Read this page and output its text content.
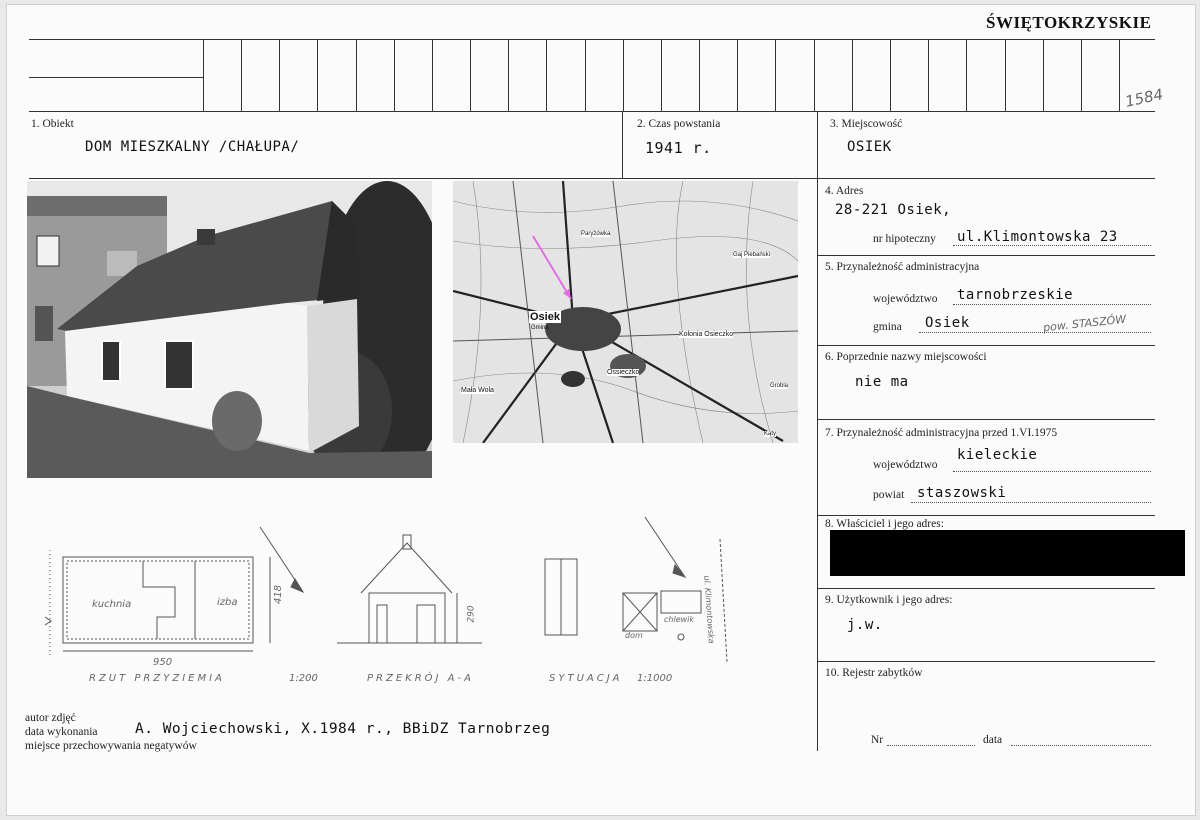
ŚWIĘTOKRZYSKIE
1584
1. Obiekt
DOM MIESZKALNY /CHAŁUPA/
2. Czas powstania
1941 r.
3. Miejscowość
OSIEK
Osiek
Gmina
Ossieczko
Kolonia Osieczko
Mała Wola
Grobla
Kąty
Gaj Piebański
Paryżówka
kuchnia	izba
950
418
RZUT PRZYZIEMIA	1:200
290
PRZEKRÓJ A-A
dom
chlewik ul. Klimontowska
SYTUACJA 1:1000
4. Adres
28-221 Osiek,
nr hipoteczny ul.Klimontowska 23
5. Przynależność administracyjna
województwo tarnobrzeskie
gmina Osiek	pow. STASZÓW
6. Poprzednie nazwy miejscowości
nie ma
7. Przynależność administracyjna przed 1.VI.1975
województwo
kieleckie
powiat staszowski
8. Właściciel i jego adres:
9. Użytkownik i jego adres:
j.w.
10. Rejestr zabytków
Nr	data
autor zdjęć
data wykonania
miejsce przechowywania negatywów
A. Wojciechowski, X.1984 r., BBiDZ Tarnobrzeg
